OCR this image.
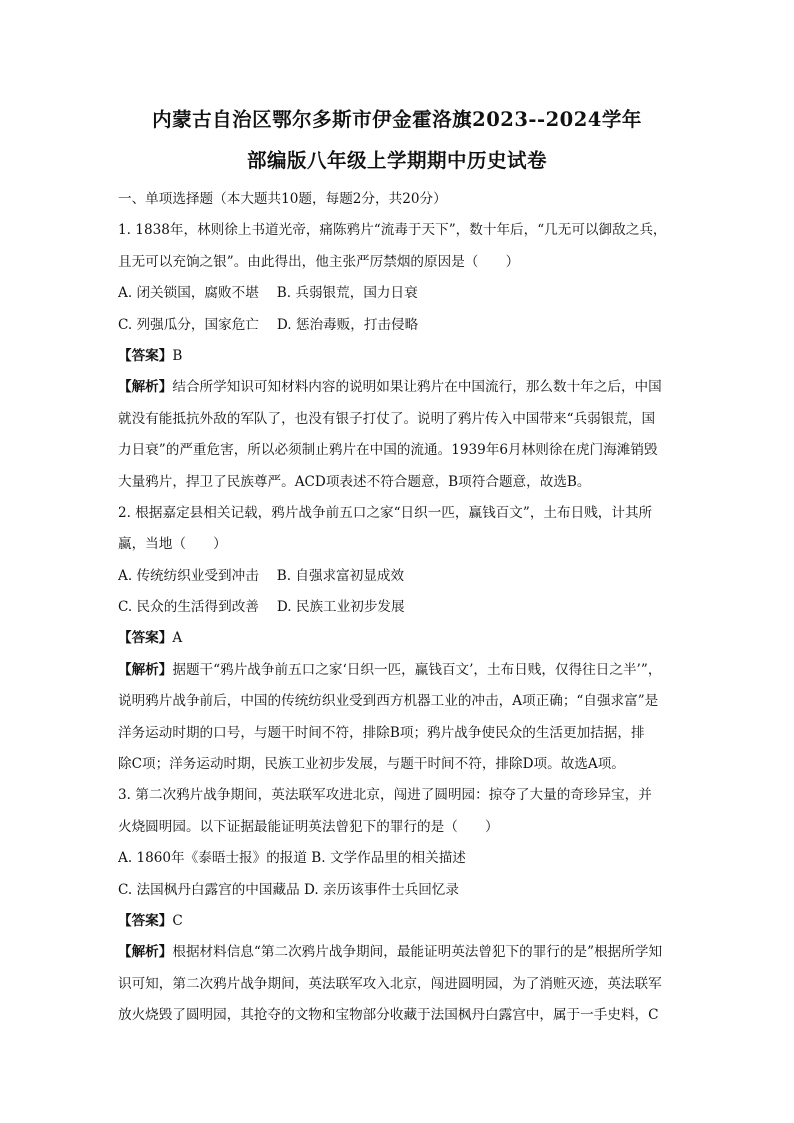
内蒙古自治区鄂尔多斯市伊金霍洛旗2023--2024学年
部编版八年级上学期期中历史试卷
一、单项选择题（本大题共10题，每题2分，共20分）
1. 1838年，林则徐上书道光帝，痛陈鸦片“流毒于天下”，数十年后，“几无可以御敌之兵，
且无可以充饷之银”。由此得出，他主张严厉禁烟的原因是（　　）
A. 闭关锁国，腐败不堪　 B. 兵弱银荒，国力日衰
C. 列强瓜分，国家危亡　 D. 惩治毒贩，打击侵略
【答案】B
【解析】结合所学知识可知材料内容的说明如果让鸦片在中国流行，那么数十年之后，中国
就没有能抵抗外敌的军队了，也没有银子打仗了。说明了鸦片传入中国带来“兵弱银荒，国
力日衰”的严重危害，所以必须制止鸦片在中国的流通。1939年6月林则徐在虎门海滩销毁
大量鸦片，捍卫了民族尊严。ACD项表述不符合题意，B项符合题意，故选B。
2. 根据嘉定县相关记载，鸦片战争前五口之家“日织一匹，赢钱百文”，土布日贱，计其所
赢，当地（　　）
A. 传统纺织业受到冲击　 B. 自强求富初显成效
C. 民众的生活得到改善　 D. 民族工业初步发展
【答案】A
【解析】据题干“鸦片战争前五口之家‘日织一匹，赢钱百文’，土布日贱，仅得往日之半’”，
说明鸦片战争前后，中国的传统纺织业受到西方机器工业的冲击，A项正确；“自强求富”是
洋务运动时期的口号，与题干时间不符，排除B项；鸦片战争使民众的生活更加拮据，排
除C项；洋务运动时期，民族工业初步发展，与题干时间不符，排除D项。故选A项。
3. 第二次鸦片战争期间，英法联军攻进北京，闯进了圆明园：掠夺了大量的奇珍异宝，并
火烧圆明园。以下证据最能证明英法曾犯下的罪行的是（　　）
A. 1860年《泰晤士报》的报道 B. 文学作品里的相关描述
C. 法国枫丹白露宫的中国藏品 D. 亲历该事件士兵回忆录
【答案】C
【解析】根据材料信息“第二次鸦片战争期间，最能证明英法曾犯下的罪行的是”根据所学知
识可知，第二次鸦片战争期间，英法联军攻入北京，闯进圆明园，为了消赃灭迹，英法联军
放火烧毁了圆明园，其抢夺的文物和宝物部分收藏于法国枫丹白露宫中，属于一手史料，C
